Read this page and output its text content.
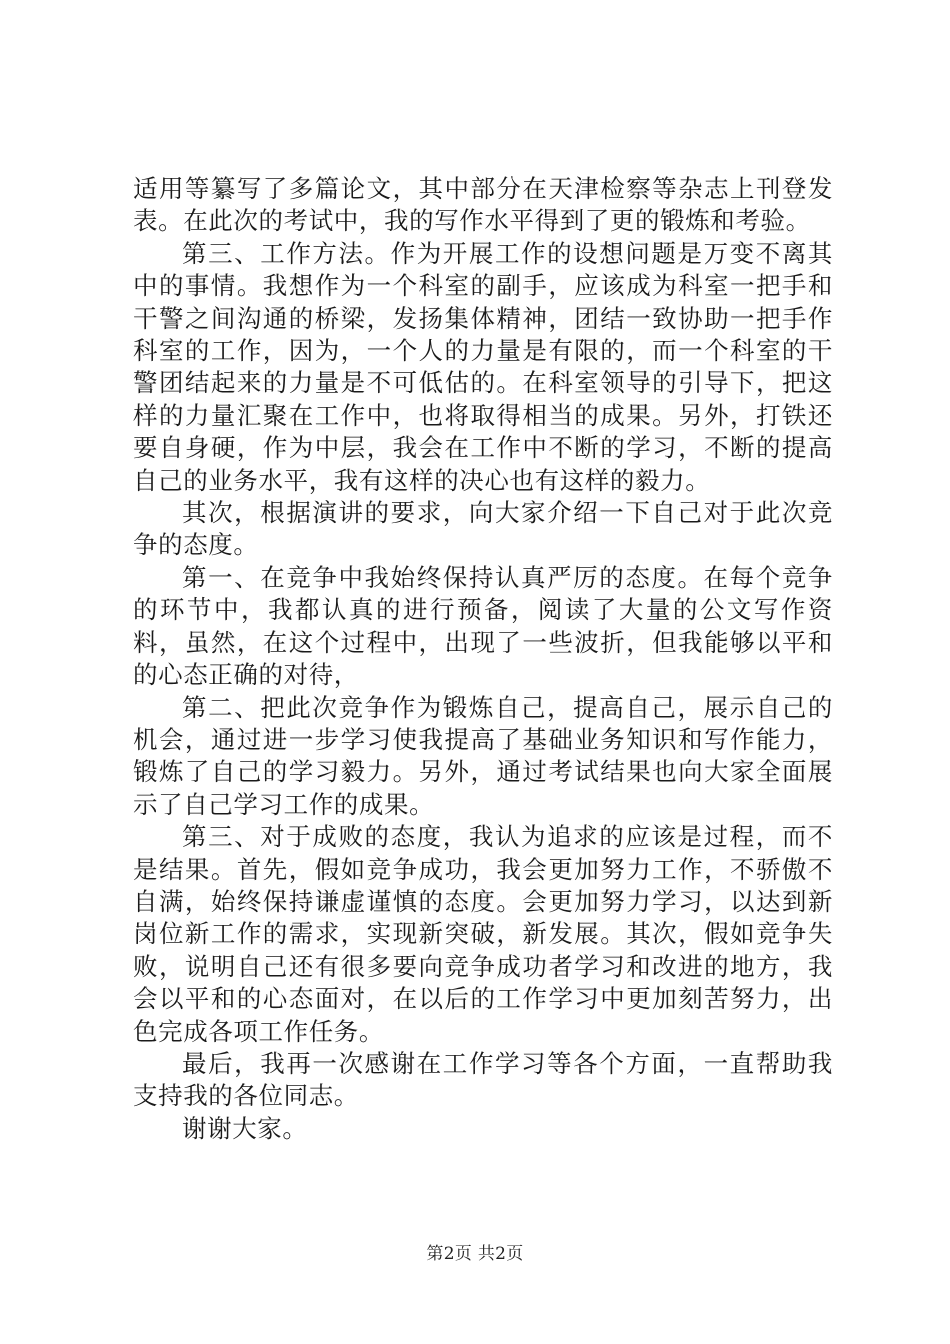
适用等纂写了多篇论文，其中部分在天津检察等杂志上刊登发表。在此次的考试中，我的写作水平得到了更的锻炼和考验。

第三、工作方法。作为开展工作的设想问题是万变不离其中的事情。我想作为一个科室的副手，应该成为科室一把手和干警之间沟通的桥梁，发扬集体精神，团结一致协助一把手作科室的工作，因为，一个人的力量是有限的，而一个科室的干警团结起来的力量是不可低估的。在科室领导的引导下，把这样的力量汇聚在工作中，也将取得相当的成果。另外，打铁还要自身硬，作为中层，我会在工作中不断的学习，不断的提高自己的业务水平，我有这样的决心也有这样的毅力。

其次，根据演讲的要求，向大家介绍一下自己对于此次竞争的态度。

第一、在竞争中我始终保持认真严厉的态度。在每个竞争的环节中，我都认真的进行预备，阅读了大量的公文写作资料，虽然，在这个过程中，出现了一些波折，但我能够以平和的心态正确的对待，

第二、把此次竞争作为锻炼自己，提高自己，展示自己的机会，通过进一步学习使我提高了基础业务知识和写作能力，锻炼了自己的学习毅力。另外，通过考试结果也向大家全面展示了自己学习工作的成果。

第三、对于成败的态度，我认为追求的应该是过程，而不是结果。首先，假如竞争成功，我会更加努力工作，不骄傲不自满，始终保持谦虚谨慎的态度。会更加努力学习，以达到新岗位新工作的需求，实现新突破，新发展。其次，假如竞争失败，说明自己还有很多要向竞争成功者学习和改进的地方，我会以平和的心态面对，在以后的工作学习中更加刻苦努力，出色完成各项工作任务。

最后，我再一次感谢在工作学习等各个方面，一直帮助我支持我的各位同志。

谢谢大家。

第2页 共2页
